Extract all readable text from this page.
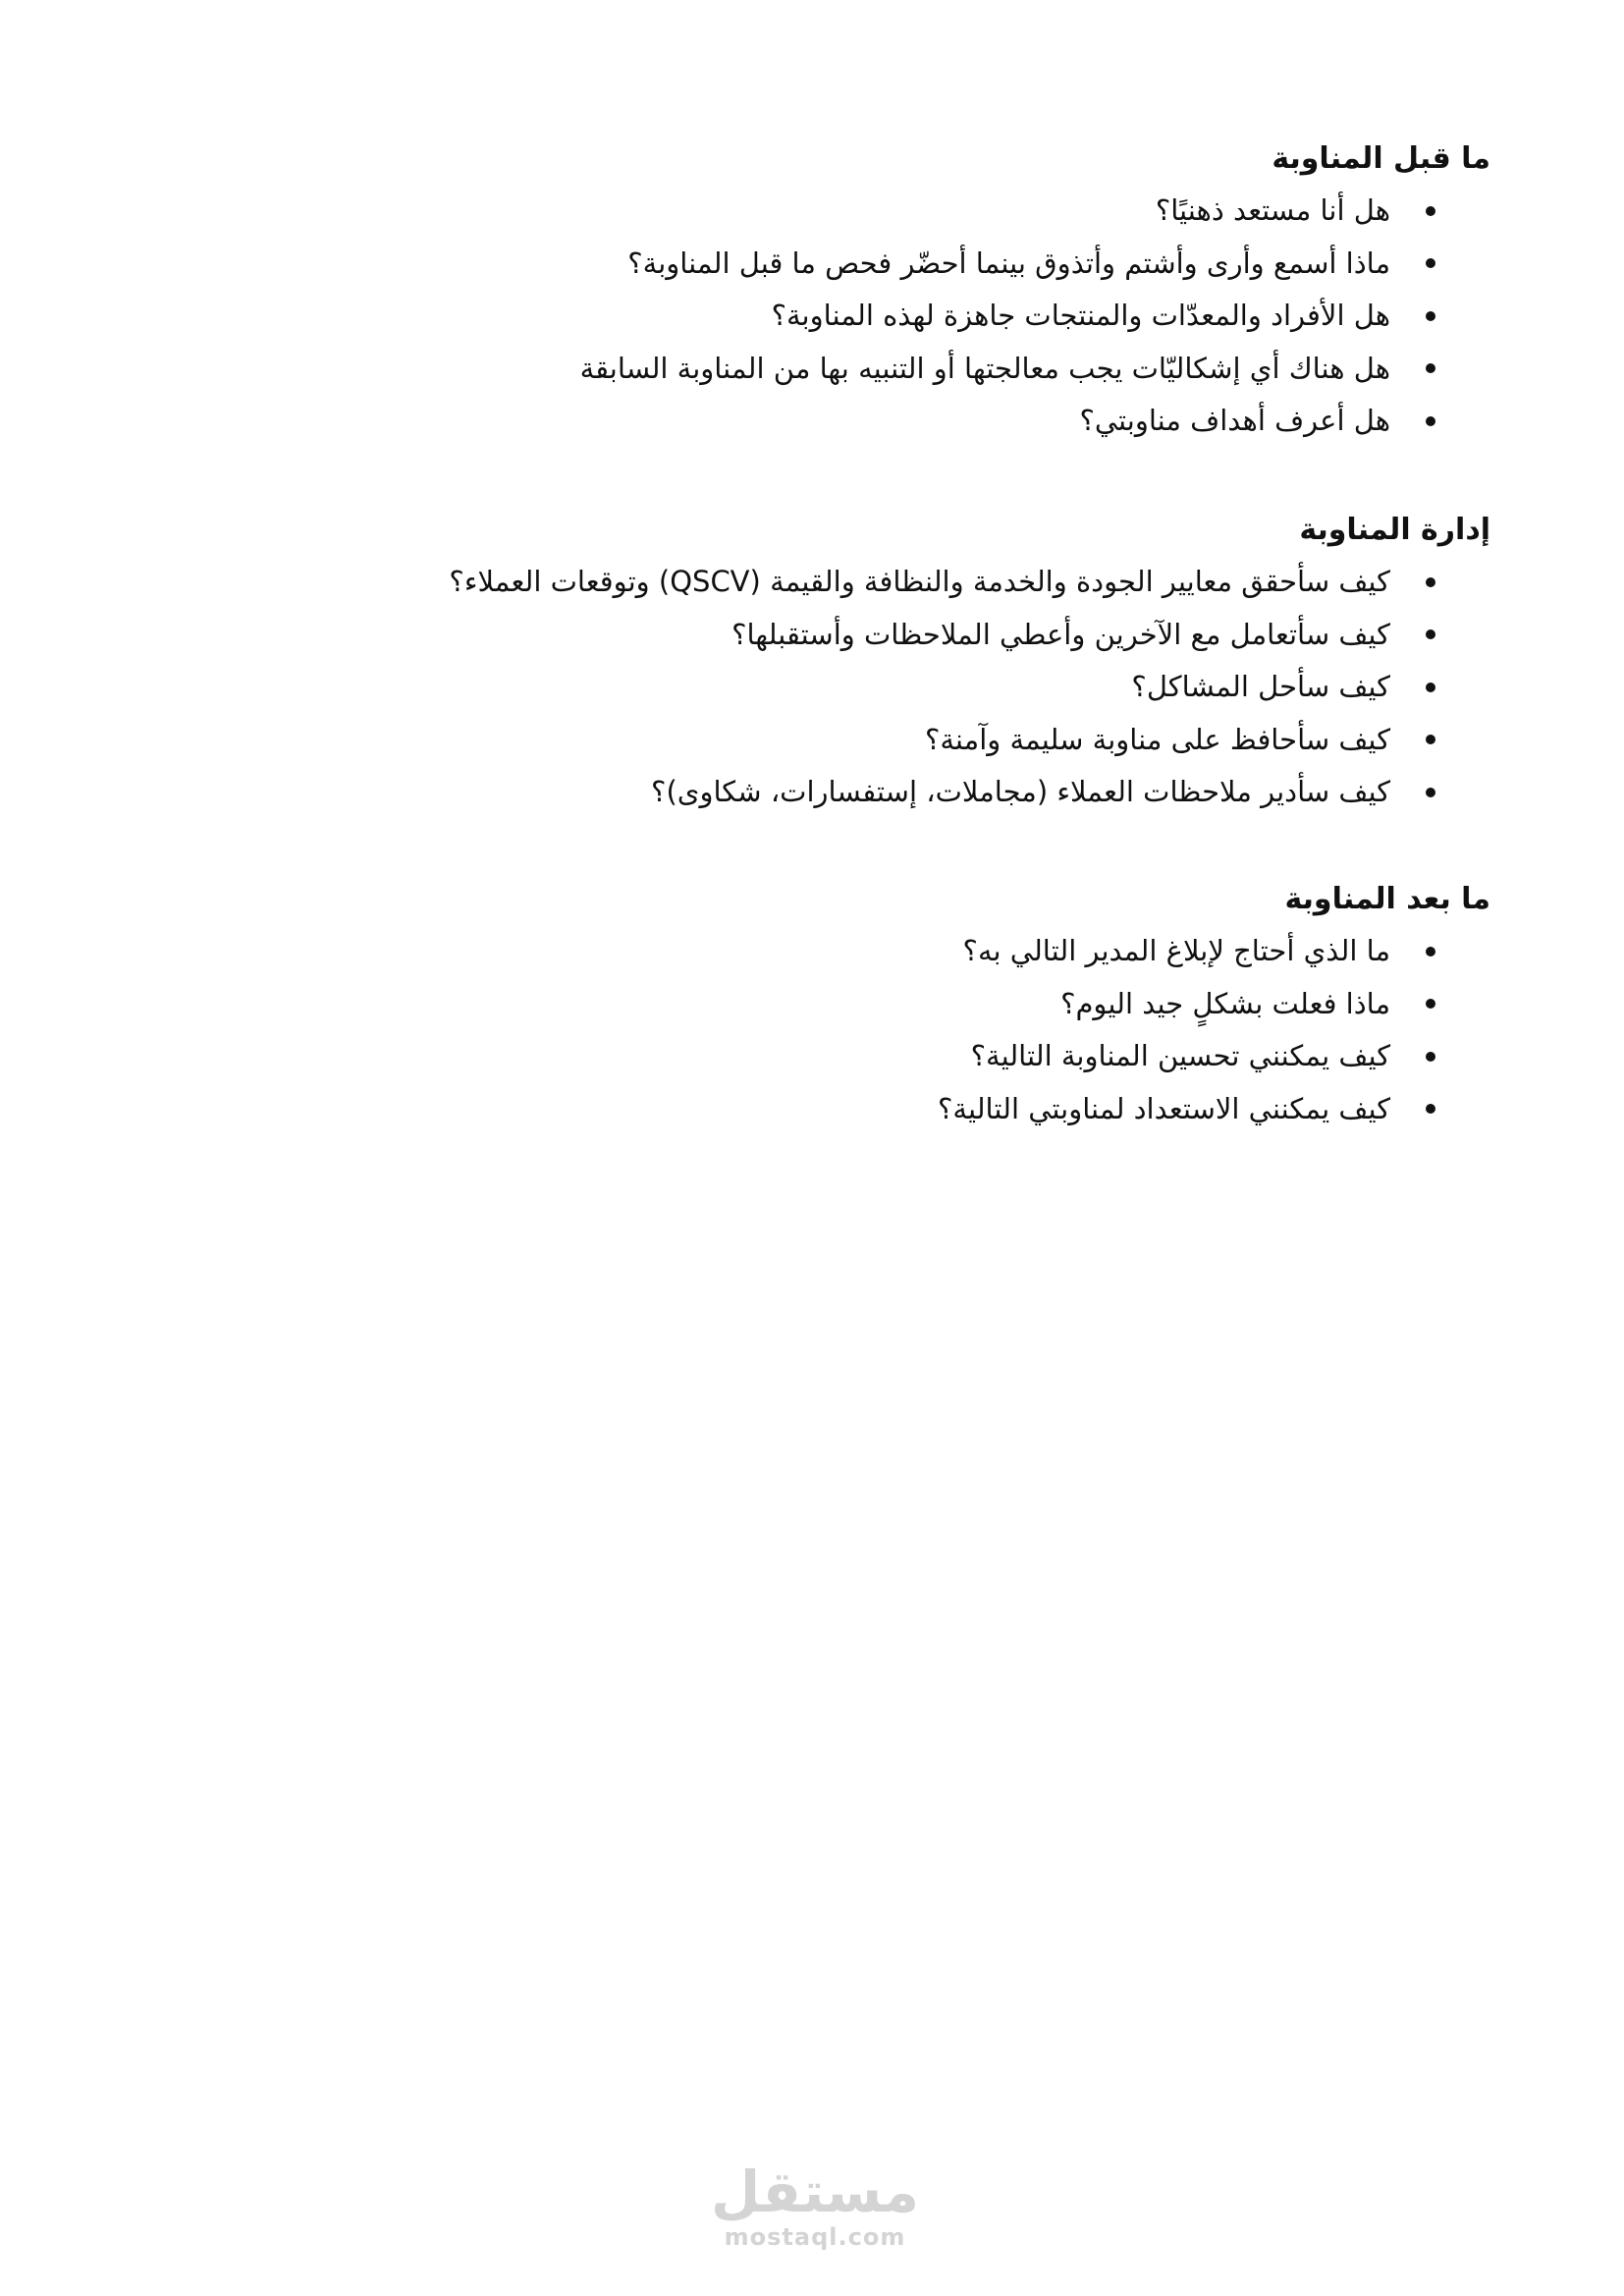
ما قبل المناوبة
هل أنا مستعد ذهنيًا؟
ماذا أسمع وأرى وأشتم وأتذوق بينما أحضّر فحص ما قبل المناوبة؟
هل الأفراد والمعدّات والمنتجات جاهزة لهذه المناوبة؟
هل هناك أي إشكاليّات يجب معالجتها أو التنبيه بها من المناوبة السابقة
هل أعرف أهداف مناوبتي؟
إدارة المناوبة
كيف سأحقق معايير الجودة والخدمة والنظافة والقيمة (QSCV) وتوقعات العملاء؟
كيف سأتعامل مع الآخرين وأعطي الملاحظات وأستقبلها؟
كيف سأحل المشاكل؟
كيف سأحافظ على مناوبة سليمة وآمنة؟
كيف سأدير ملاحظات العملاء (مجاملات، إستفسارات، شكاوى)؟
ما بعد المناوبة
ما الذي أحتاج لإبلاغ المدير التالي به؟
ماذا فعلت بشكلٍ جيد اليوم؟
كيف يمكنني تحسين المناوبة التالية؟
كيف يمكنني الاستعداد لمناوبتي التالية؟
مستقل
mostaql.com
